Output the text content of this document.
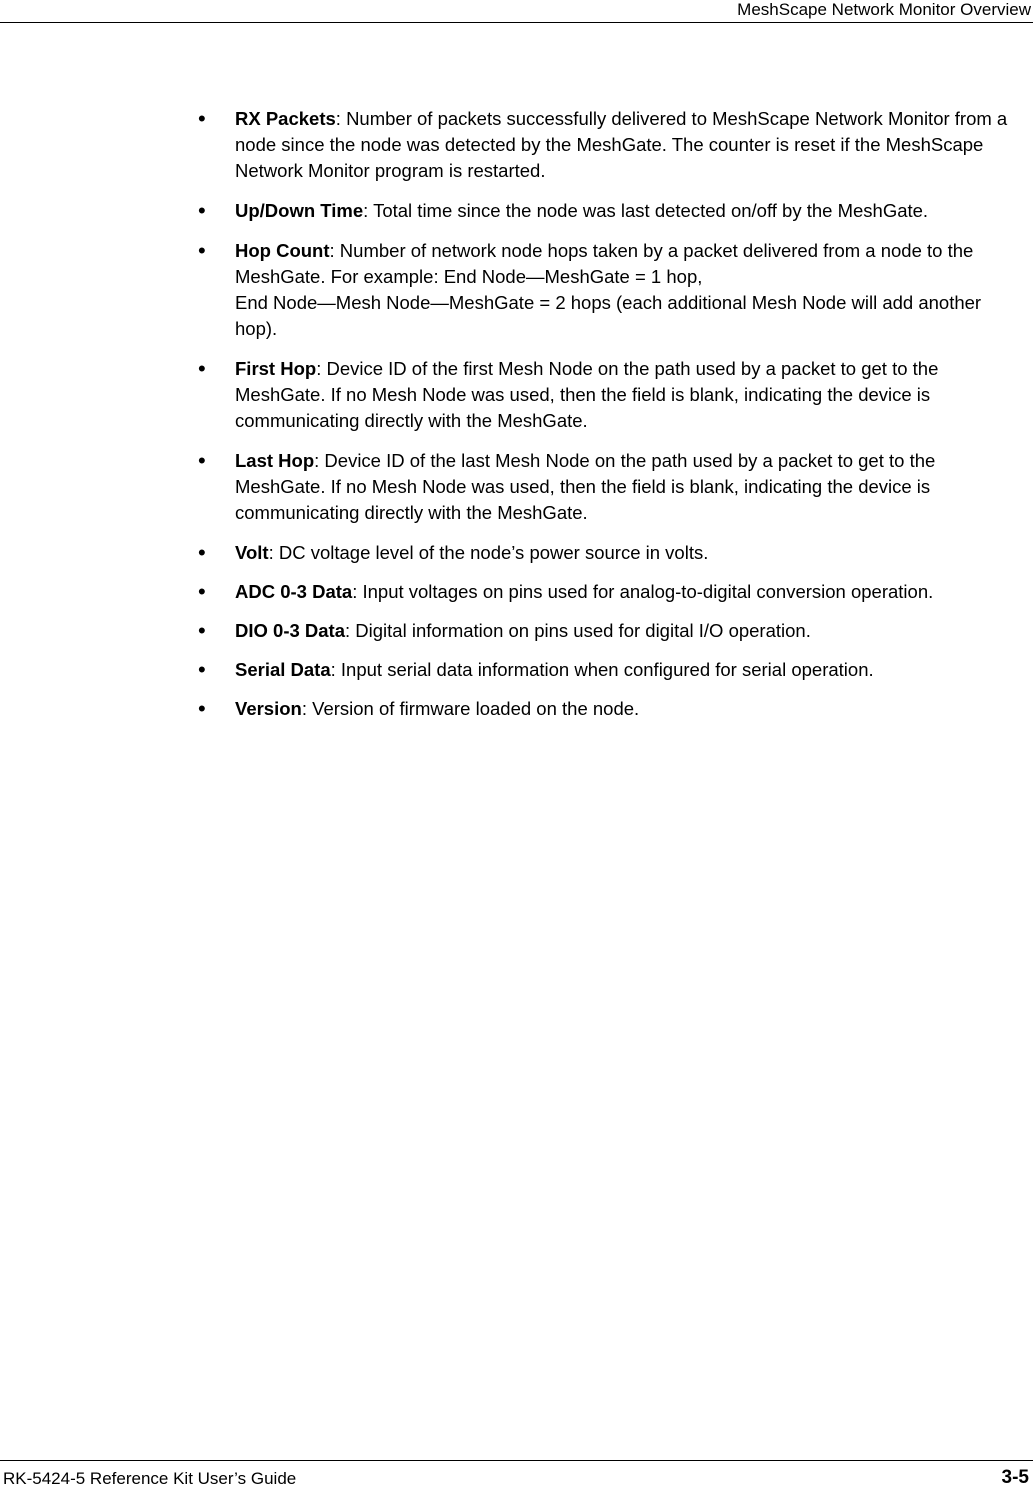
MeshScape Network Monitor Overview
• RX Packets: Number of packets successfully delivered to MeshScape Network Monitor from a node since the node was detected by the MeshGate. The counter is reset if the MeshScape Network Monitor program is restarted.
• Up/Down Time: Total time since the node was last detected on/off by the MeshGate.
• Hop Count: Number of network node hops taken by a packet delivered from a node to the MeshGate. For example: End Node—MeshGate = 1 hop,
End Node—Mesh Node—MeshGate = 2 hops (each additional Mesh Node will add another hop).
• First Hop: Device ID of the first Mesh Node on the path used by a packet to get to the MeshGate. If no Mesh Node was used, then the field is blank, indicating the device is communicating directly with the MeshGate.
• Last Hop: Device ID of the last Mesh Node on the path used by a packet to get to the MeshGate. If no Mesh Node was used, then the field is blank, indicating the device is communicating directly with the MeshGate.
• Volt: DC voltage level of the node’s power source in volts.
• ADC 0-3 Data: Input voltages on pins used for analog-to-digital conversion operation.
• DIO 0-3 Data: Digital information on pins used for digital I/O operation.
• Serial Data: Input serial data information when configured for serial operation.
• Version: Version of firmware loaded on the node.
RK-5424-5 Reference Kit User’s Guide	3-5
